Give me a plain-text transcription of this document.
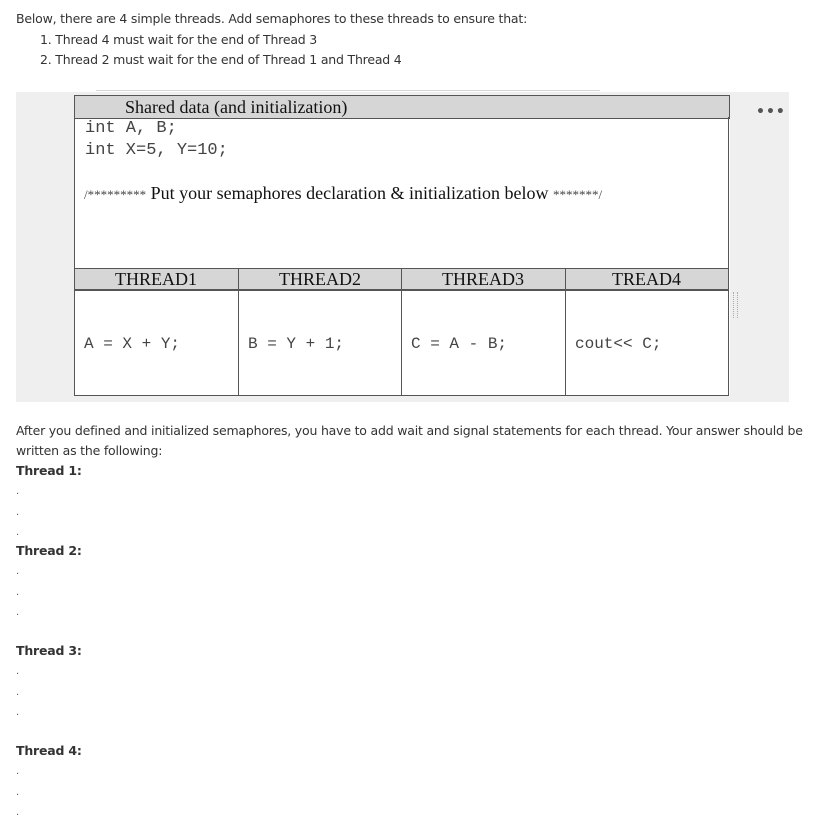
Below, there are 4 simple threads. Add semaphores to these threads to ensure that:
1. Thread 4 must wait for the end of Thread 3
2. Thread 2 must wait for the end of Thread 1 and Thread 4
•••
Shared data (and initialization)
int A, B;
int X=5, Y=10;
/********* Put your semaphores declaration & initialization below *******/
THREAD1	THREAD2	THREAD3	TREAD4
A = X + Y;	B = Y + 1;	C = A - B;	cout<< C;
After you defined and initialized semaphores, you have to add wait and signal statements for each thread. Your answer should be
written as the following:
Thread 1:
.
.
.
Thread 2:
.
.
.
Thread 3:
.
.
.
Thread 4:
.
.
.
